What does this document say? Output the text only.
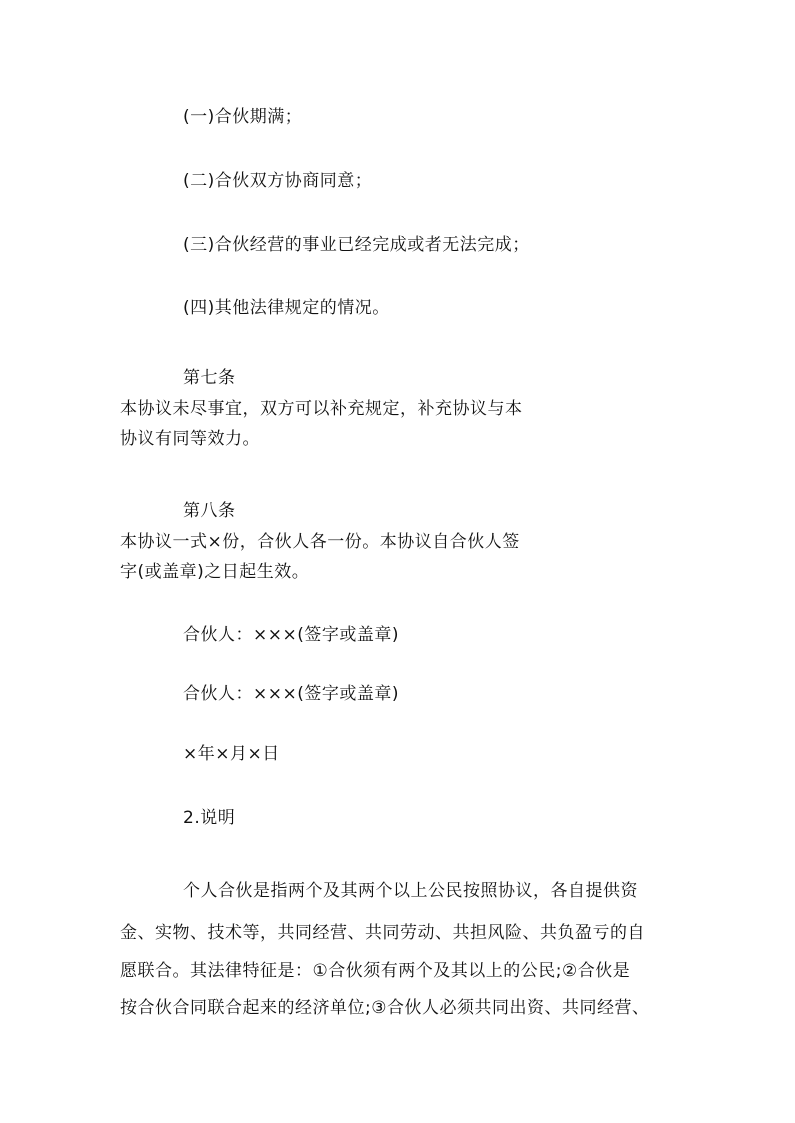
(一)合伙期满；
(二)合伙双方协商同意；
(三)合伙经营的事业已经完成或者无法完成；
(四)其他法律规定的情况。
第七条
本协议未尽事宜，双方可以补充规定，补充协议与本
协议有同等效力。
第八条
本协议一式×份，合伙人各一份。本协议自合伙人签
字(或盖章)之日起生效。
合伙人：×××(签字或盖章)
合伙人：×××(签字或盖章)
×年×月×日
2.说明
个人合伙是指两个及其两个以上公民按照协议，各自提供资
金、实物、技术等，共同经营、共同劳动、共担风险、共负盈亏的自
愿联合。其法律特征是：①合伙须有两个及其以上的公民;②合伙是
按合伙合同联合起来的经济单位;③合伙人必须共同出资、共同经营、
